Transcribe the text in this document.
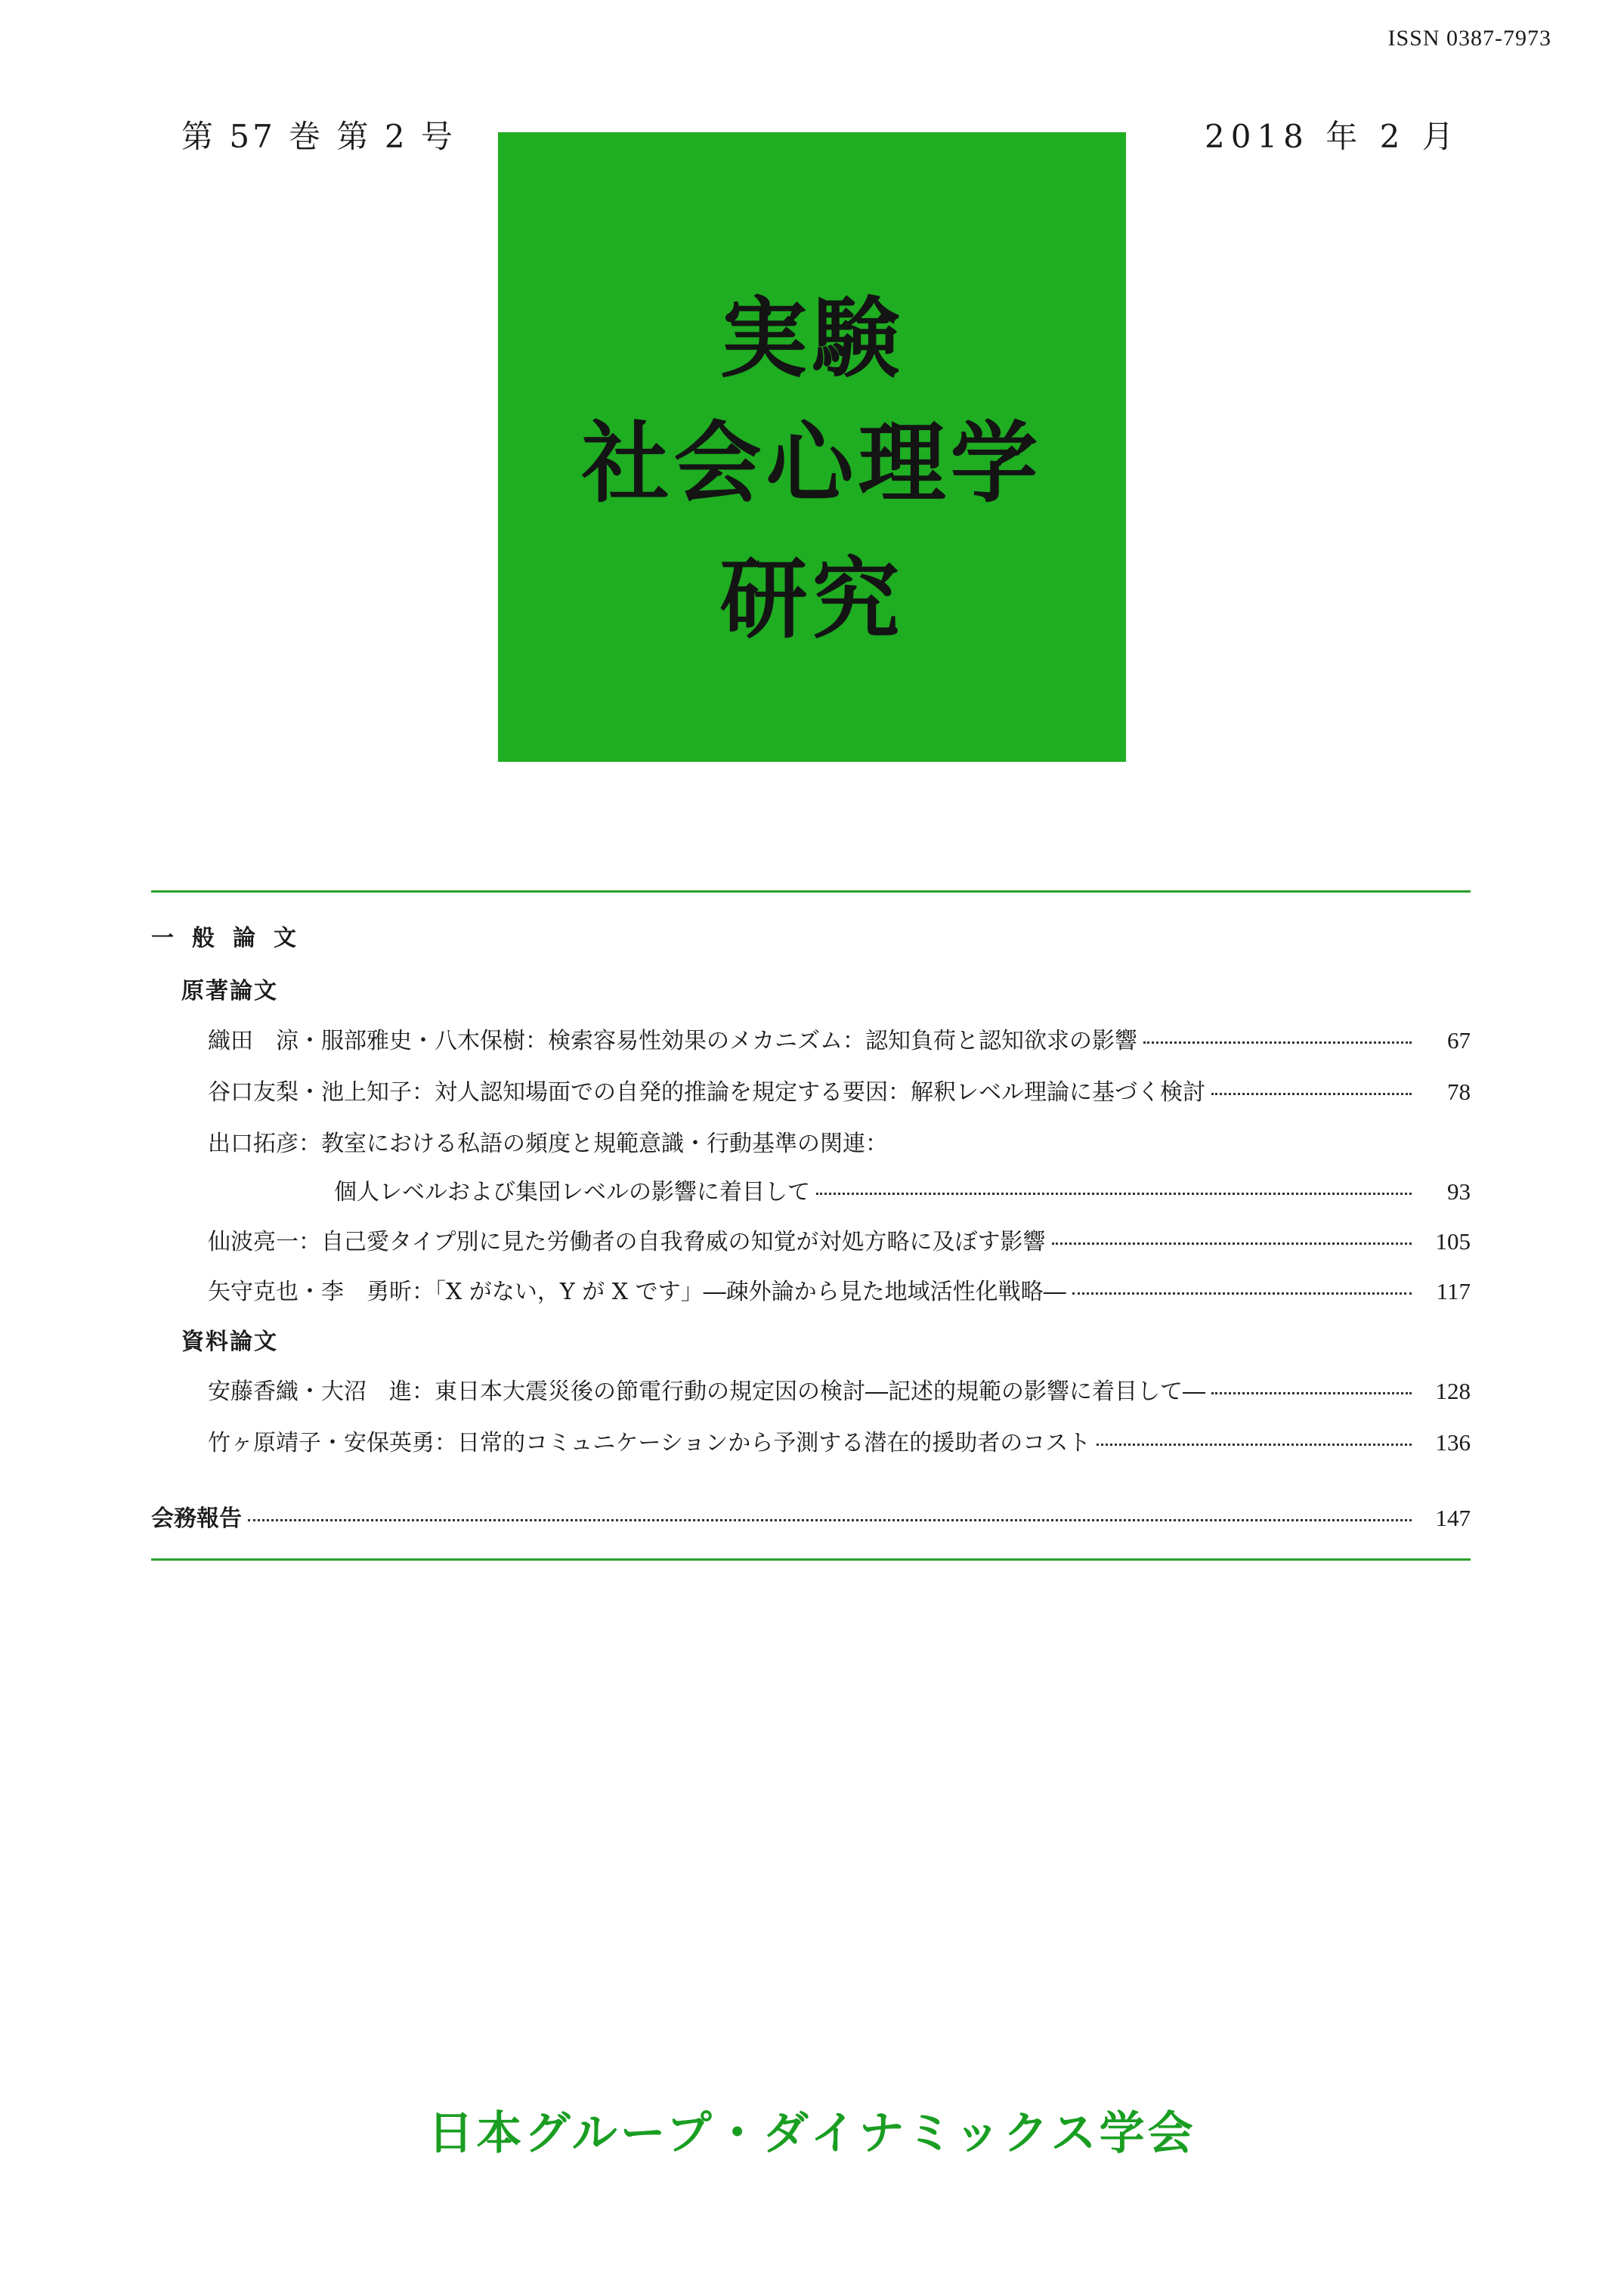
ISSN 0387-7973
第 57 巻 第 2 号	2018 年 2 月
実験
社会心理学
研究
一般論文
原著論文
織田　涼・服部雅史・八木保樹：検索容易性効果のメカニズム：認知負荷と認知欲求の影響	67
谷口友梨・池上知子：対人認知場面での自発的推論を規定する要因：解釈レベル理論に基づく検討	78
出口拓彦：教室における私語の頻度と規範意識・行動基準の関連：
個人レベルおよび集団レベルの影響に着目して	93
仙波亮一：自己愛タイプ別に見た労働者の自我脅威の知覚が対処方略に及ぼす影響	105
矢守克也・李　勇昕：「X がない，Y が X です」―疎外論から見た地域活性化戦略―	117
資料論文
安藤香織・大沼　進：東日本大震災後の節電行動の規定因の検討―記述的規範の影響に着目して―	128
竹ヶ原靖子・安保英勇：日常的コミュニケーションから予測する潜在的援助者のコスト	136
会務報告	147
日本グループ・ダイナミックス学会
